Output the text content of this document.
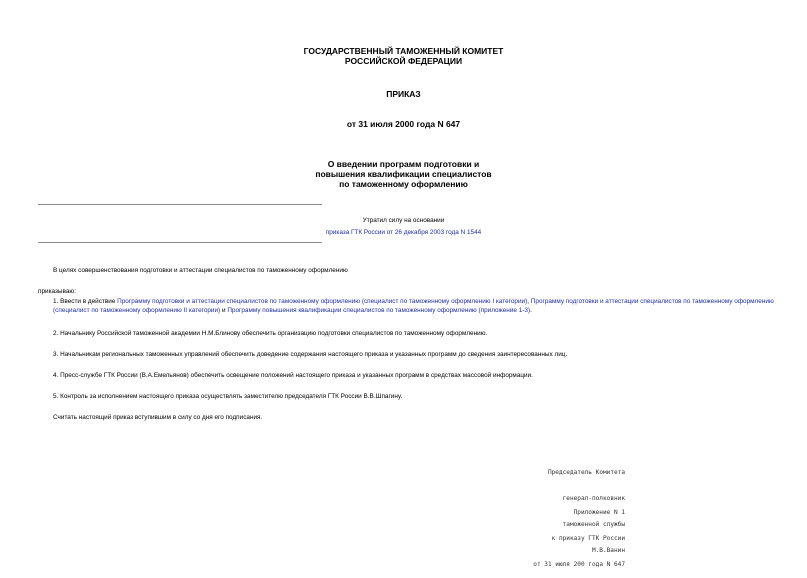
ГОСУДАРСТВЕННЫЙ ТАМОЖЕННЫЙ КОМИТЕТ
РОССИЙСКОЙ ФЕДЕРАЦИИ
ПРИКАЗ
от 31 июля 2000 года N 647
О введении программ подготовки и
повышения квалификации специалистов
по таможенному оформлению
Утратил силу на основании
приказа ГТК России от 26 декабря 2003 года N 1544
В целях совершенствования подготовки и аттестации специалистов по таможенному оформлению
приказываю:
1. Ввести в действие Программу подготовки и аттестации специалистов по таможенному оформлению (специалист по таможенному оформлению I категории), Программу подготовки и аттестации специалистов по таможенному оформлению (специалист по таможенному оформлению II категории) и Программу повышения квалификации специалистов по таможенному оформлению (приложение 1-3).
2. Начальнику Российской таможенной академии Н.М.Блинову обеспечить организацию подготовки специалистов по таможенному оформлению.
3. Начальникам региональных таможенных управлений обеспечить доведение содержания настоящего приказа и указанных программ до сведения заинтересованных лиц.
4. Пресс-службе ГТК России (В.А.Емельянов) обеспечить освещение положений настоящего приказа и указанных программ в средствах массовой информации.
5. Контроль за исполнением настоящего приказа осуществлять заместителю председателя ГТК России В.В.Шпагину.
Считать настоящий приказ вступившим в силу со дня его подписания.

Председатель Комитета

генерал-полковник

таможенной службы

М.В.Ванин

Приложение N 1

к приказу ГТК России

от 31 июля 200 года N 647
